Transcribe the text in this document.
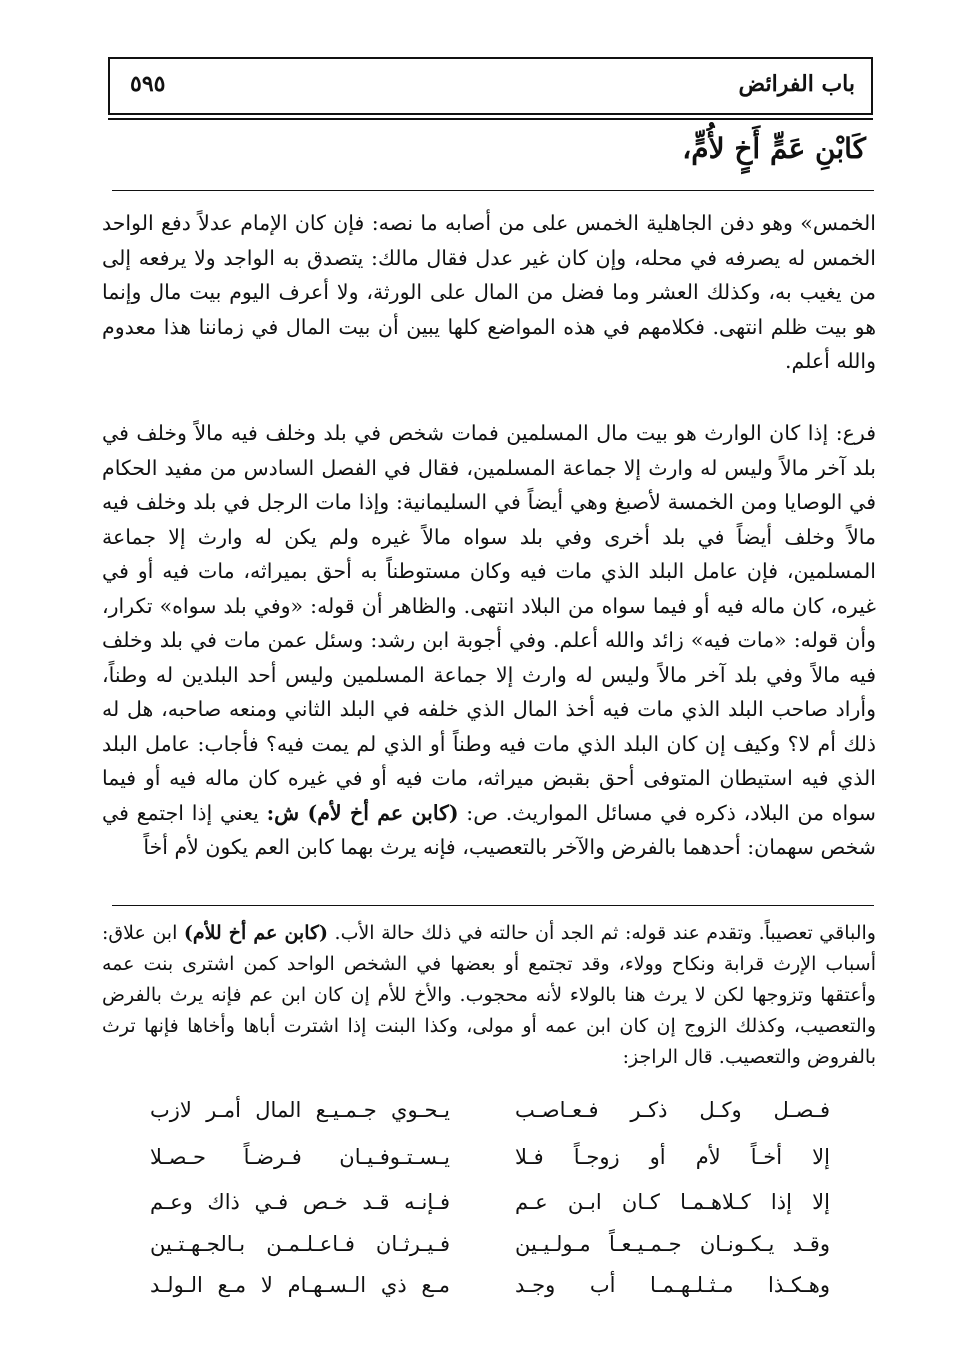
باب الفرائض
٥٩٥
كَابْنِ عَمٍّ أَخٍ لأُمٍّ،

الخمس» وهو دفن الجاهلية الخمس على من أصابه ما نصه: فإن كان الإمام عدلاً دفع الواحد الخمس له يصرفه في محله، وإن كان غير عدل فقال مالك: يتصدق به الواجد ولا يرفعه إلى من يغيب به، وكذلك العشر وما فضل من المال على الورثة، ولا أعرف اليوم بيت مال وإنما هو بيت ظلم انتهى. فكلامهم في هذه المواضع كلها يبين أن بيت المال في زماننا هذا معدوم والله أعلم.

فرع: إذا كان الوارث هو بيت مال المسلمين فمات شخص في بلد وخلف فيه مالاً وخلف في بلد آخر مالاً وليس له وارث إلا جماعة المسلمين، فقال في الفصل السادس من مفيد الحكام في الوصايا ومن الخمسة لأصبغ وهي أيضاً في السليمانية: وإذا مات الرجل في بلد وخلف فيه مالاً وخلف أيضاً في بلد أخرى وفي بلد سواه مالاً غيره ولم يكن له وارث إلا جماعة المسلمين، فإن عامل البلد الذي مات فيه وكان مستوطناً به أحق بميراثه، مات فيه أو في غيره، كان ماله فيه أو فيما سواه من البلاد انتهى. والظاهر أن قوله: «وفي بلد سواه» تكرار، وأن قوله: «مات فيه» زائد والله أعلم. وفي أجوبة ابن رشد: وسئل عمن مات في بلد وخلف فيه مالاً وفي بلد آخر مالاً وليس له وارث إلا جماعة المسلمين وليس أحد البلدين له وطناً، وأراد صاحب البلد الذي مات فيه أخذ المال الذي خلفه في البلد الثاني ومنعه صاحبه، هل له ذلك أم لا؟ وكيف إن كان البلد الذي مات فيه وطناً أو الذي لم يمت فيه؟ فأجاب: عامل البلد الذي فيه استيطان المتوفى أحق بقبض ميراثه، مات فيه أو في غيره كان ماله فيه أو فيما سواه من البلاد، ذكره في مسائل المواريث. ص: (كابن عم أخ لأم) ش: يعني إذا اجتمع في شخص سهمان: أحدهما بالفرض والآخر بالتعصيب، فإنه يرث بهما كابن العم يكون لأم أخاً

والباقي تعصيباً. وتقدم عند قوله: ثم الجد أن حالته في ذلك حالة الأب. (كابن عم أخ للأم) ابن علاق: أسباب الإرث قرابة ونكاح وولاء، وقد تجتمع أو بعضها في الشخص الواحد كمن اشترى بنت عمه وأعتقها وتزوجها لكن لا يرث هنا بالولاء لأنه محجوب. والأخ للأم إن كان ابن عم فإنه يرث بالفرض والتعصيب، وكذلك الزوج إن كان ابن عمه أو مولى، وكذا البنت إذا اشترت أباها وأخاها فإنها ترث بالفروض والتعصيب. قال الراجز:

فـصـل وكـل ذكـر فـعـاصـب
يـحـوي جـمـيـع المال أمـر لازب
إلا أخـاً لأم أو زوجـاً فـلا
يـسـتـوفـيـان فـرضـاً حـصـلا
إلا إذا كـلاهـمـا كـان ابـن عـم
فـإنـه قـد خـص فـي ذاك وعـم
وقـد يـكـونـان جـمـيـعـاً مـولـيـين
فـيـرثـان فـاعـلـمـن بـالجـهـتـين
وهـكـذا مـثـلـهـمـا أب وجـد
مـع ذي الـسـهـام لا مـع الـولـد
